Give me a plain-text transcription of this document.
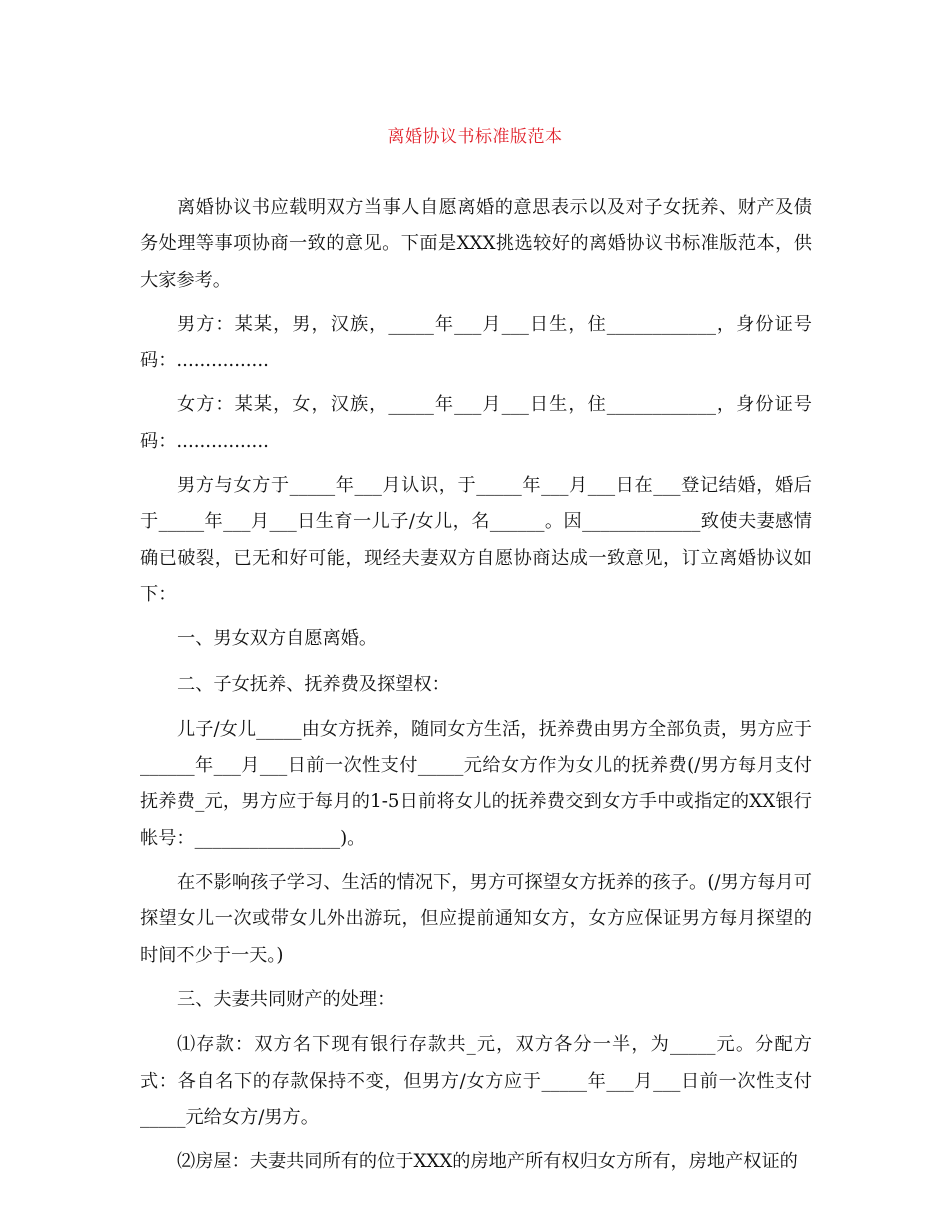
离婚协议书标准版范本

离婚协议书应载明双方当事人自愿离婚的意思表示以及对子女抚养、财产及债务处理等事项协商一致的意见。下面是XXX挑选较好的离婚协议书标准版范本，供大家参考。

男方：某某，男，汉族，_____年___月___日生，住____________，身份证号码：................

女方：某某，女，汉族，_____年___月___日生，住____________，身份证号码：................

男方与女方于_____年___月认识，于_____年___月___日在___登记结婚，婚后于_____年___月___日生育一儿子/女儿，名______。因_____________致使夫妻感情确已破裂，已无和好可能，现经夫妻双方自愿协商达成一致意见，订立离婚协议如下：

一、男女双方自愿离婚。

二、子女抚养、抚养费及探望权：

儿子/女儿_____由女方抚养，随同女方生活，抚养费由男方全部负责，男方应于______年___月___日前一次性支付_____元给女方作为女儿的抚养费(/男方每月支付抚养费_元，男方应于每月的1-5日前将女儿的抚养费交到女方手中或指定的XX银行帐号：________________)。

在不影响孩子学习、生活的情况下，男方可探望女方抚养的孩子。(/男方每月可探望女儿一次或带女儿外出游玩，但应提前通知女方，女方应保证男方每月探望的时间不少于一天。)

三、夫妻共同财产的处理：

⑴存款：双方名下现有银行存款共_元，双方各分一半，为_____元。分配方式：各自名下的存款保持不变，但男方/女方应于_____年___月___日前一次性支付_____元给女方/男方。

⑵房屋：夫妻共同所有的位于XXX的房地产所有权归女方所有，房地产权证的
